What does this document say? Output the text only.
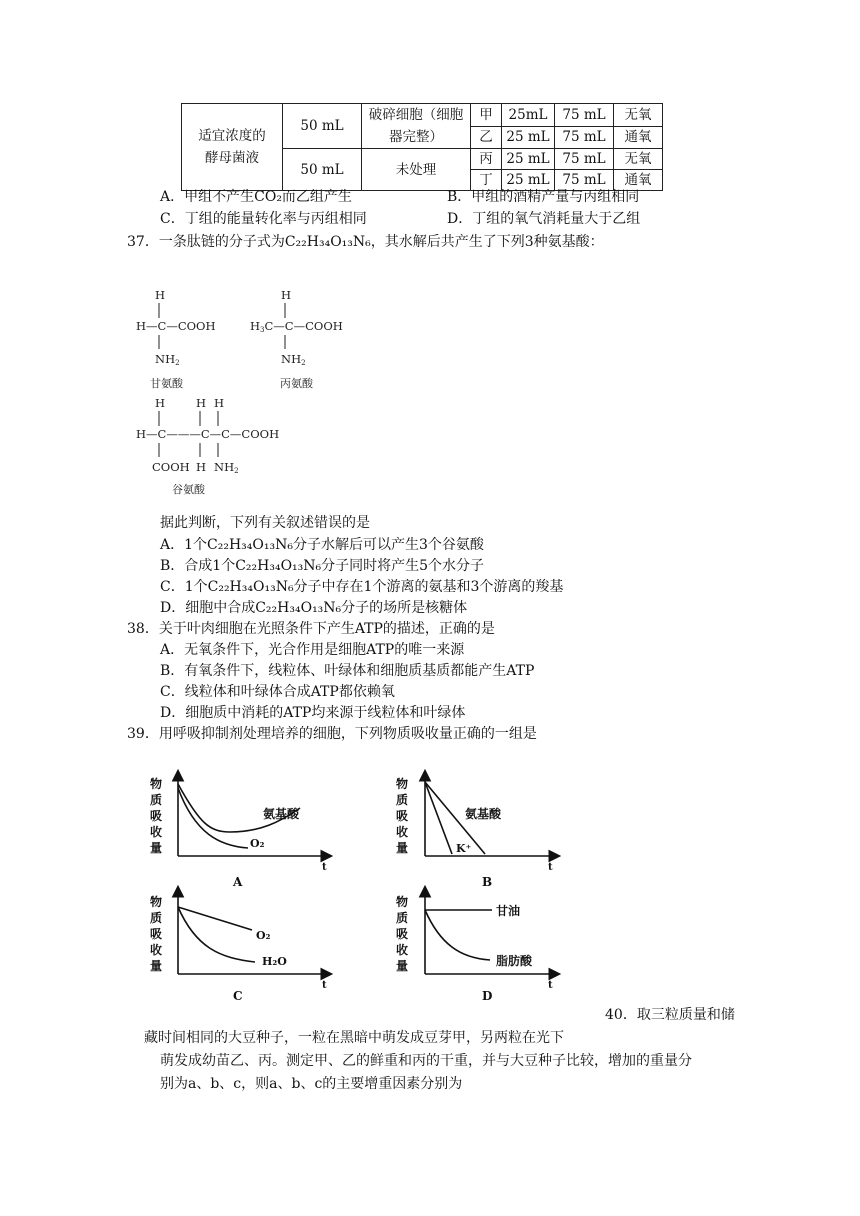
适宜浓度的酵母菌液	50 mL	破碎细胞（细胞器完整）	甲	25mL	75 mL	无氧
			乙	25 mL	75 mL	通氧
	50 mL	未处理	丙	25 mL	75 mL	无氧
			丁	25 mL	75 mL	通氧
A．甲组不产生CO₂而乙组产生	B．甲组的酒精产量与丙组相同
C．丁组的能量转化率与丙组相同	D．丁组的氧气消耗量大于乙组
37．一条肽链的分子式为C₂₂H₃₄O₁₃N₆，其水解后共产生了下列3种氨基酸：
H
H—C—COOH
NH2
甘氨酸
H
H3C—C—COOH
NH2
丙氨酸
H	H H
H—C———C—C—COOH
COOH H NH2
谷氨酸
据此判断，下列有关叙述错误的是
A．1个C₂₂H₃₄O₁₃N₆分子水解后可以产生3个谷氨酸
B．合成1个C₂₂H₃₄O₁₃N₆分子同时将产生5个水分子
C．1个C₂₂H₃₄O₁₃N₆分子中存在1个游离的氨基和3个游离的羧基
D．细胞中合成C₂₂H₃₄O₁₃N₆分子的场所是核糖体
38．关于叶肉细胞在光照条件下产生ATP的描述，正确的是
A．无氧条件下，光合作用是细胞ATP的唯一来源
B．有氧条件下，线粒体、叶绿体和细胞质基质都能产生ATP
C．线粒体和叶绿体合成ATP都依赖氧
D．细胞质中消耗的ATP均来源于线粒体和叶绿体
39．用呼吸抑制剂处理培养的细胞，下列物质吸收量正确的一组是
物
质
吸
收
量
物
质
吸
收
量
物
质
吸
收
量
物
质
吸
收
量
t	t
t	t
氨基酸
O₂
氨基酸
K⁺
O₂
H₂O
甘油
脂肪酸
A	B
C	D
40．取三粒质量和储
藏时间相同的大豆种子，一粒在黑暗中萌发成豆芽甲，另两粒在光下
萌发成幼苗乙、丙。测定甲、乙的鲜重和丙的干重，并与大豆种子比较，增加的重量分
别为a、b、c，则a、b、c的主要增重因素分别为
